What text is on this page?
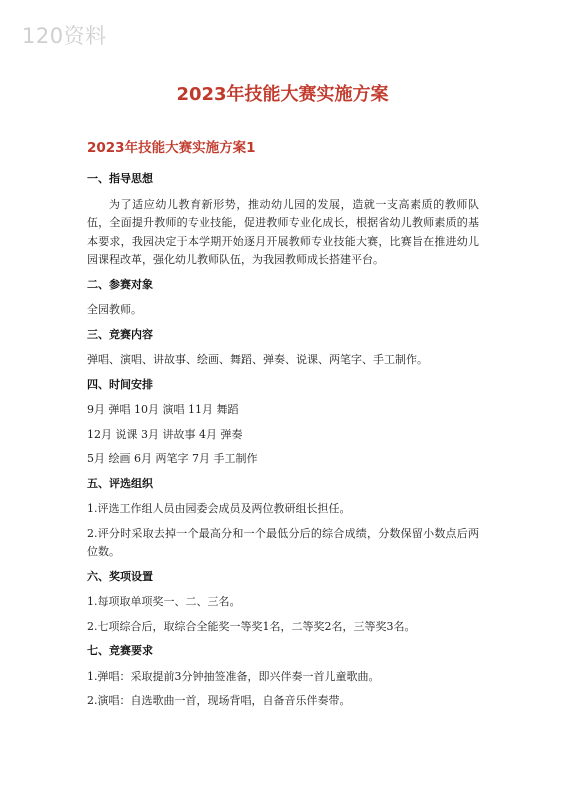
120资料
2023年技能大赛实施方案
2023年技能大赛实施方案1
一、指导思想

为了适应幼儿教育新形势，推动幼儿园的发展，造就一支高素质的教师队伍，全面提升教师的专业技能，促进教师专业化成长，根据省幼儿教师素质的基本要求，我园决定于本学期开始逐月开展教师专业技能大赛，比赛旨在推进幼儿园课程改革，强化幼儿教师队伍，为我园教师成长搭建平台。

二、参赛对象

全园教师。

三、竞赛内容

弹唱、演唱、讲故事、绘画、舞蹈、弹奏、说课、两笔字、手工制作。

四、时间安排

9月 弹唱 10月 演唱 11月 舞蹈

12月 说课 3月 讲故事 4月 弹奏

5月 绘画 6月 两笔字 7月 手工制作

五、评选组织

1.评选工作组人员由园委会成员及两位教研组长担任。

2.评分时采取去掉一个最高分和一个最低分后的综合成绩，分数保留小数点后两位数。

六、奖项设置

1.每项取单项奖一、二、三名。

2.七项综合后，取综合全能奖一等奖1名，二等奖2名，三等奖3名。

七、竞赛要求

1.弹唱：采取提前3分钟抽签准备，即兴伴奏一首儿童歌曲。

2.演唱：自选歌曲一首，现场背唱，自备音乐伴奏带。
